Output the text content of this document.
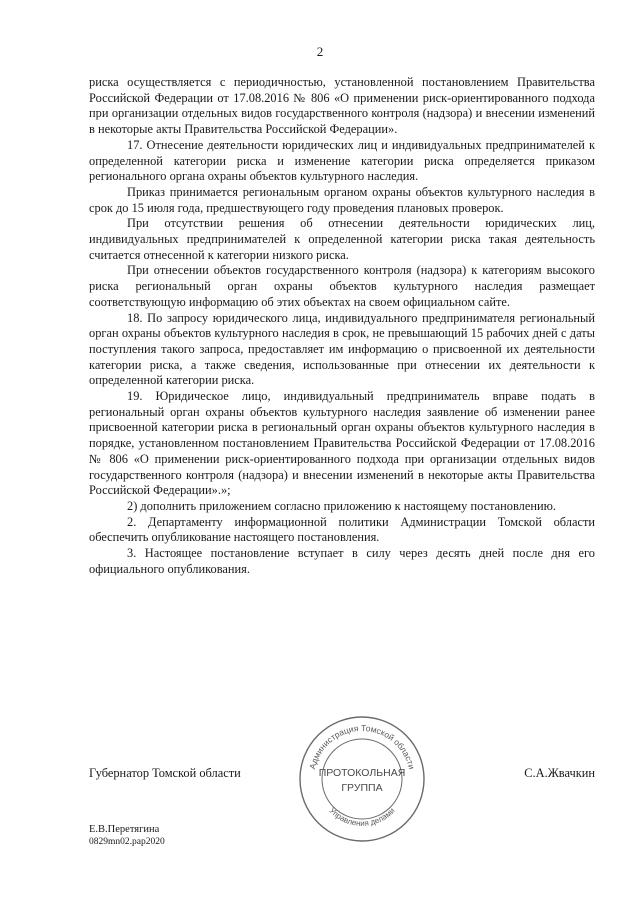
2

риска осуществляется с периодичностью, установленной постановлением Правительства Российской Федерации от 17.08.2016 № 806 «О применении риск-ориентированного подхода при организации отдельных видов государственного контроля (надзора) и внесении изменений в некоторые акты Правительства Российской Федерации».

17. Отнесение деятельности юридических лиц и индивидуальных предпринимателей к определенной категории риска и изменение категории риска определяется приказом регионального органа охраны объектов культурного наследия.

Приказ принимается региональным органом охраны объектов культурного наследия в срок до 15 июля года, предшествующего году проведения плановых проверок.

При отсутствии решения об отнесении деятельности юридических лиц, индивидуальных предпринимателей к определенной категории риска такая деятельность считается отнесенной к категории низкого риска.

При отнесении объектов государственного контроля (надзора) к категориям высокого риска региональный орган охраны объектов культурного наследия размещает соответствующую информацию об этих объектах на своем официальном сайте.

18. По запросу юридического лица, индивидуального предпринимателя региональный орган охраны объектов культурного наследия в срок, не превышающий 15 рабочих дней с даты поступления такого запроса, предоставляет им информацию о присвоенной их деятельности категории риска, а также сведения, использованные при отнесении их деятельности к определенной категории риска.

19. Юридическое лицо, индивидуальный предприниматель вправе подать в региональный орган охраны объектов культурного наследия заявление об изменении ранее присвоенной категории риска в региональный орган охраны объектов культурного наследия в порядке, установленном постановлением Правительства Российской Федерации от 17.08.2016 № 806 «О применении риск-ориентированного подхода при организации отдельных видов государственного контроля (надзора) и внесении изменений в некоторые акты Правительства Российской Федерации».»;

2) дополнить приложением согласно приложению к настоящему постановлению.

2. Департаменту информационной политики Администрации Томской области обеспечить опубликование настоящего постановления.

3. Настоящее постановление вступает в силу через десять дней после дня его официального опубликования.

Губернатор Томской области	Администрация Томской области
Управления делами
ПРОТОКОЛЬНАЯ
ГРУППА
С.А.Жвачкин
Е.В.Перетягина
0829mn02.pap2020
